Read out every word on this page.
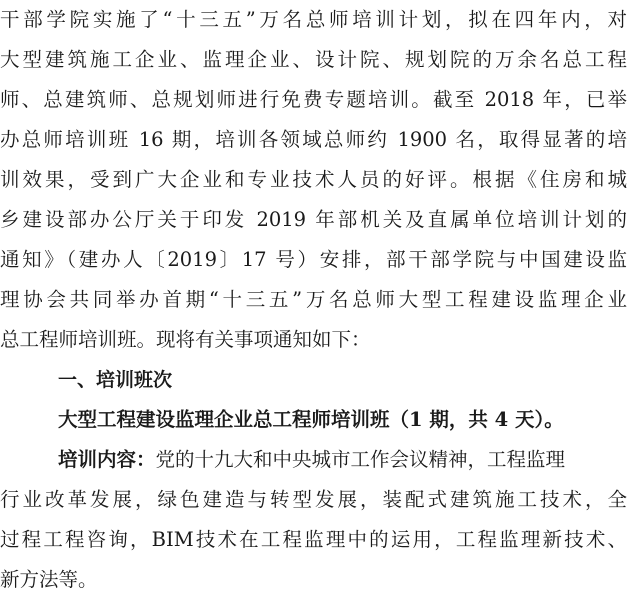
干部学院实施了“十三五”万名总师培训计划，拟在四年内，对
大型建筑施工企业、监理企业、设计院、规划院的万余名总工程
师、总建筑师、总规划师进行免费专题培训。截至 2018 年，已举
办总师培训班 16 期，培训各领域总师约 1900 名，取得显著的培
训效果，受到广大企业和专业技术人员的好评。根据《住房和城
乡建设部办公厅关于印发 2019 年部机关及直属单位培训计划的
通知》（建办人〔2019〕17 号）安排，部干部学院与中国建设监
理协会共同举办首期“十三五”万名总师大型工程建设监理企业
总工程师培训班。现将有关事项通知如下：
一、培训班次
大型工程建设监理企业总工程师培训班（1 期，共 4 天）。
培训内容：党的十九大和中央城市工作会议精神，工程监理
行业改革发展，绿色建造与转型发展，装配式建筑施工技术，全
过程工程咨询，BIM技术在工程监理中的运用，工程监理新技术、
新方法等。
